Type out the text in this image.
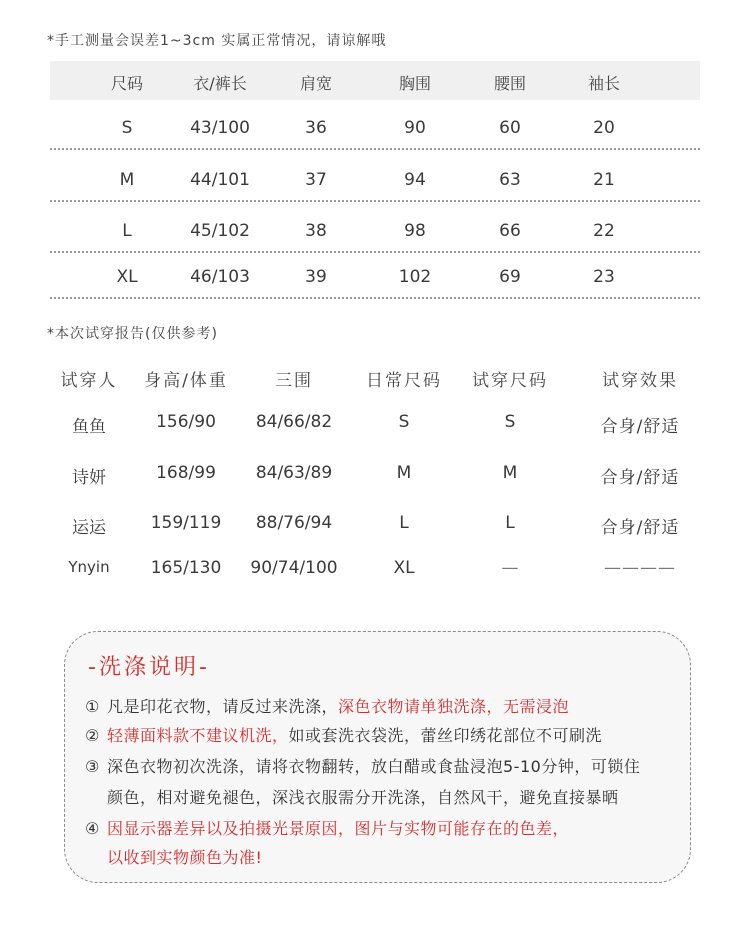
*手工测量会误差1~3cm 实属正常情况，请谅解哦
尺码	衣/裤长	肩宽	胸围	腰围	袖长
S	43/100	36	90	60	20
M	44/101	37	94	63	21
L	45/102	38	98	66	22
XL	46/103	39	102	69	23
*本次试穿报告(仅供参考)
试穿人 身高/体重	三围	日常尺码 试穿尺码	试穿效果
鱼鱼	156/90 84/66/82	S	S	合身/舒适
诗妍	168/99 84/63/89	M	M	合身/舒适
运运	159/119 88/76/94	L	L	合身/舒适
Ynyin 165/130 90/74/100	XL	—	————
-洗涤说明-
① 凡是印花衣物，请反过来洗涤，深色衣物请单独洗涤，无需浸泡
② 轻薄面料款不建议机洗，如或套洗衣袋洗，蕾丝印绣花部位不可刷洗
③ 深色衣物初次洗涤，请将衣物翻转，放白醋或食盐浸泡5-10分钟，可锁住
颜色，相对避免褪色，深浅衣服需分开洗涤，自然风干，避免直接暴晒
④ 因显示器差异以及拍摄光景原因，图片与实物可能存在的色差，
以收到实物颜色为准!
